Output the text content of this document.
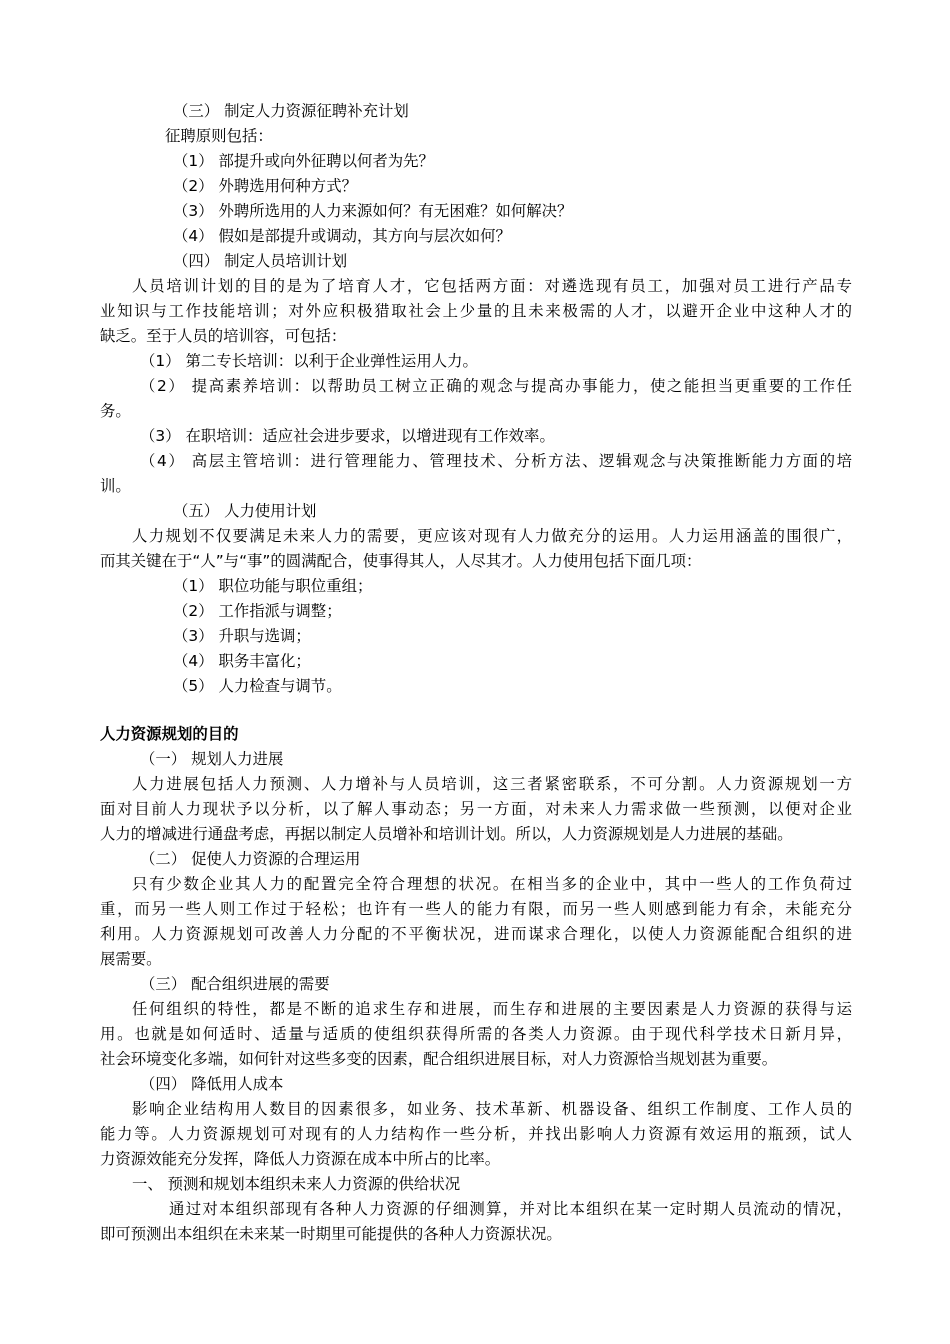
（三） 制定人力资源征聘补充计划
征聘原则包括：
（1） 部提升或向外征聘以何者为先？
（2） 外聘选用何种方式？
（3） 外聘所选用的人力来源如何？有无困难？如何解决？
（4） 假如是部提升或调动，其方向与层次如何？
（四） 制定人员培训计划
人员培训计划的目的是为了培育人才，它包括两方面：对遴选现有员工，加强对员工进行产品专
业知识与工作技能培训；对外应积极猎取社会上少量的且未来极需的人才，以避开企业中这种人才的
缺乏。至于人员的培训容，可包括：
（1） 第二专长培训：以利于企业弹性运用人力。
（2） 提高素养培训：以帮助员工树立正确的观念与提高办事能力，使之能担当更重要的工作任
务。
（3） 在职培训：适应社会进步要求，以增进现有工作效率。
（4） 高层主管培训：进行管理能力、管理技术、分析方法、逻辑观念与决策推断能力方面的培
训。
（五） 人力使用计划
人力规划不仅要满足未来人力的需要，更应该对现有人力做充分的运用。人力运用涵盖的围很广，
而其关键在于“人”与“事”的圆满配合，使事得其人，人尽其才。人力使用包括下面几项：
（1） 职位功能与职位重组；
（2） 工作指派与调整；
（3） 升职与选调；
（4） 职务丰富化；
（5） 人力检查与调节。
人力资源规划的目的
（一） 规划人力进展
人力进展包括人力预测、人力增补与人员培训，这三者紧密联系，不可分割。人力资源规划一方
面对目前人力现状予以分析，以了解人事动态；另一方面，对未来人力需求做一些预测，以便对企业
人力的增减进行通盘考虑，再据以制定人员增补和培训计划。所以，人力资源规划是人力进展的基础。
（二） 促使人力资源的合理运用
只有少数企业其人力的配置完全符合理想的状况。在相当多的企业中，其中一些人的工作负荷过
重，而另一些人则工作过于轻松；也许有一些人的能力有限，而另一些人则感到能力有余，未能充分
利用。人力资源规划可改善人力分配的不平衡状况，进而谋求合理化，以使人力资源能配合组织的进
展需要。
（三） 配合组织进展的需要
任何组织的特性，都是不断的追求生存和进展，而生存和进展的主要因素是人力资源的获得与运
用。也就是如何适时、适量与适质的使组织获得所需的各类人力资源。由于现代科学技术日新月异，
社会环境变化多端，如何针对这些多变的因素，配合组织进展目标，对人力资源恰当规划甚为重要。
（四） 降低用人成本
影响企业结构用人数目的因素很多，如业务、技术革新、机器设备、组织工作制度、工作人员的
能力等。人力资源规划可对现有的人力结构作一些分析，并找出影响人力资源有效运用的瓶颈，试人
力资源效能充分发挥，降低人力资源在成本中所占的比率。
一、 预测和规划本组织未来人力资源的供给状况
通过对本组织部现有各种人力资源的仔细测算，并对比本组织在某一定时期人员流动的情况，
即可预测出本组织在未来某一时期里可能提供的各种人力资源状况。
